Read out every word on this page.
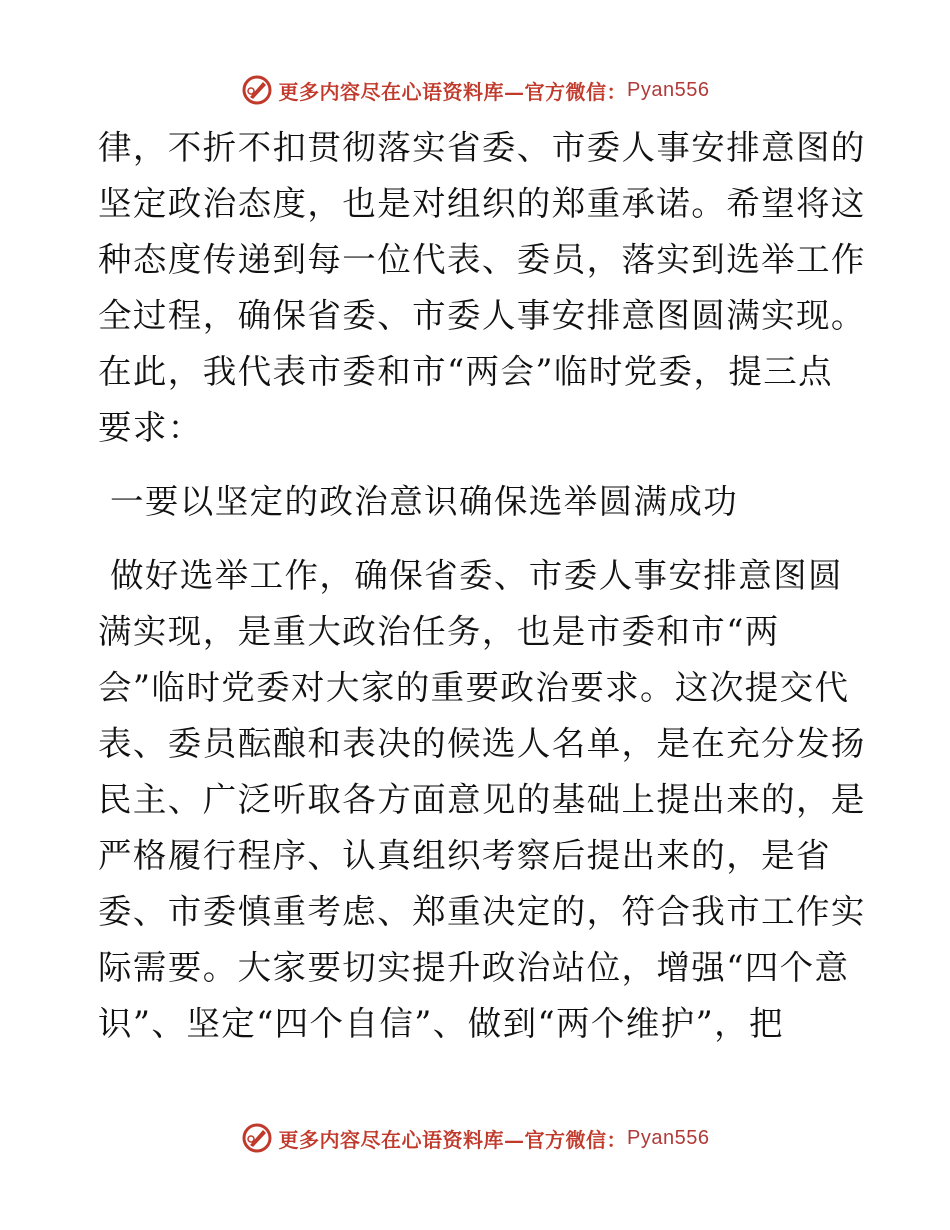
更多内容尽在心语资料库—官方微信： Pyan556
律，不折不扣贯彻落实省委、市委人事安排意图的
坚定政治态度，也是对组织的郑重承诺。希望将这
种态度传递到每一位代表、委员，落实到选举工作
全过程，确保省委、市委人事安排意图圆满实现。
在此，我代表市委和市“两会”临时党委，提三点
要求：
一要以坚定的政治意识确保选举圆满成功
做好选举工作，确保省委、市委人事安排意图圆
满实现，是重大政治任务，也是市委和市“两
会”临时党委对大家的重要政治要求。这次提交代
表、委员酝酿和表决的候选人名单，是在充分发扬
民主、广泛听取各方面意见的基础上提出来的，是
严格履行程序、认真组织考察后提出来的，是省
委、市委慎重考虑、郑重决定的，符合我市工作实
际需要。大家要切实提升政治站位，增强“四个意
识”、坚定“四个自信”、做到“两个维护”，把
更多内容尽在心语资料库—官方微信： Pyan556
